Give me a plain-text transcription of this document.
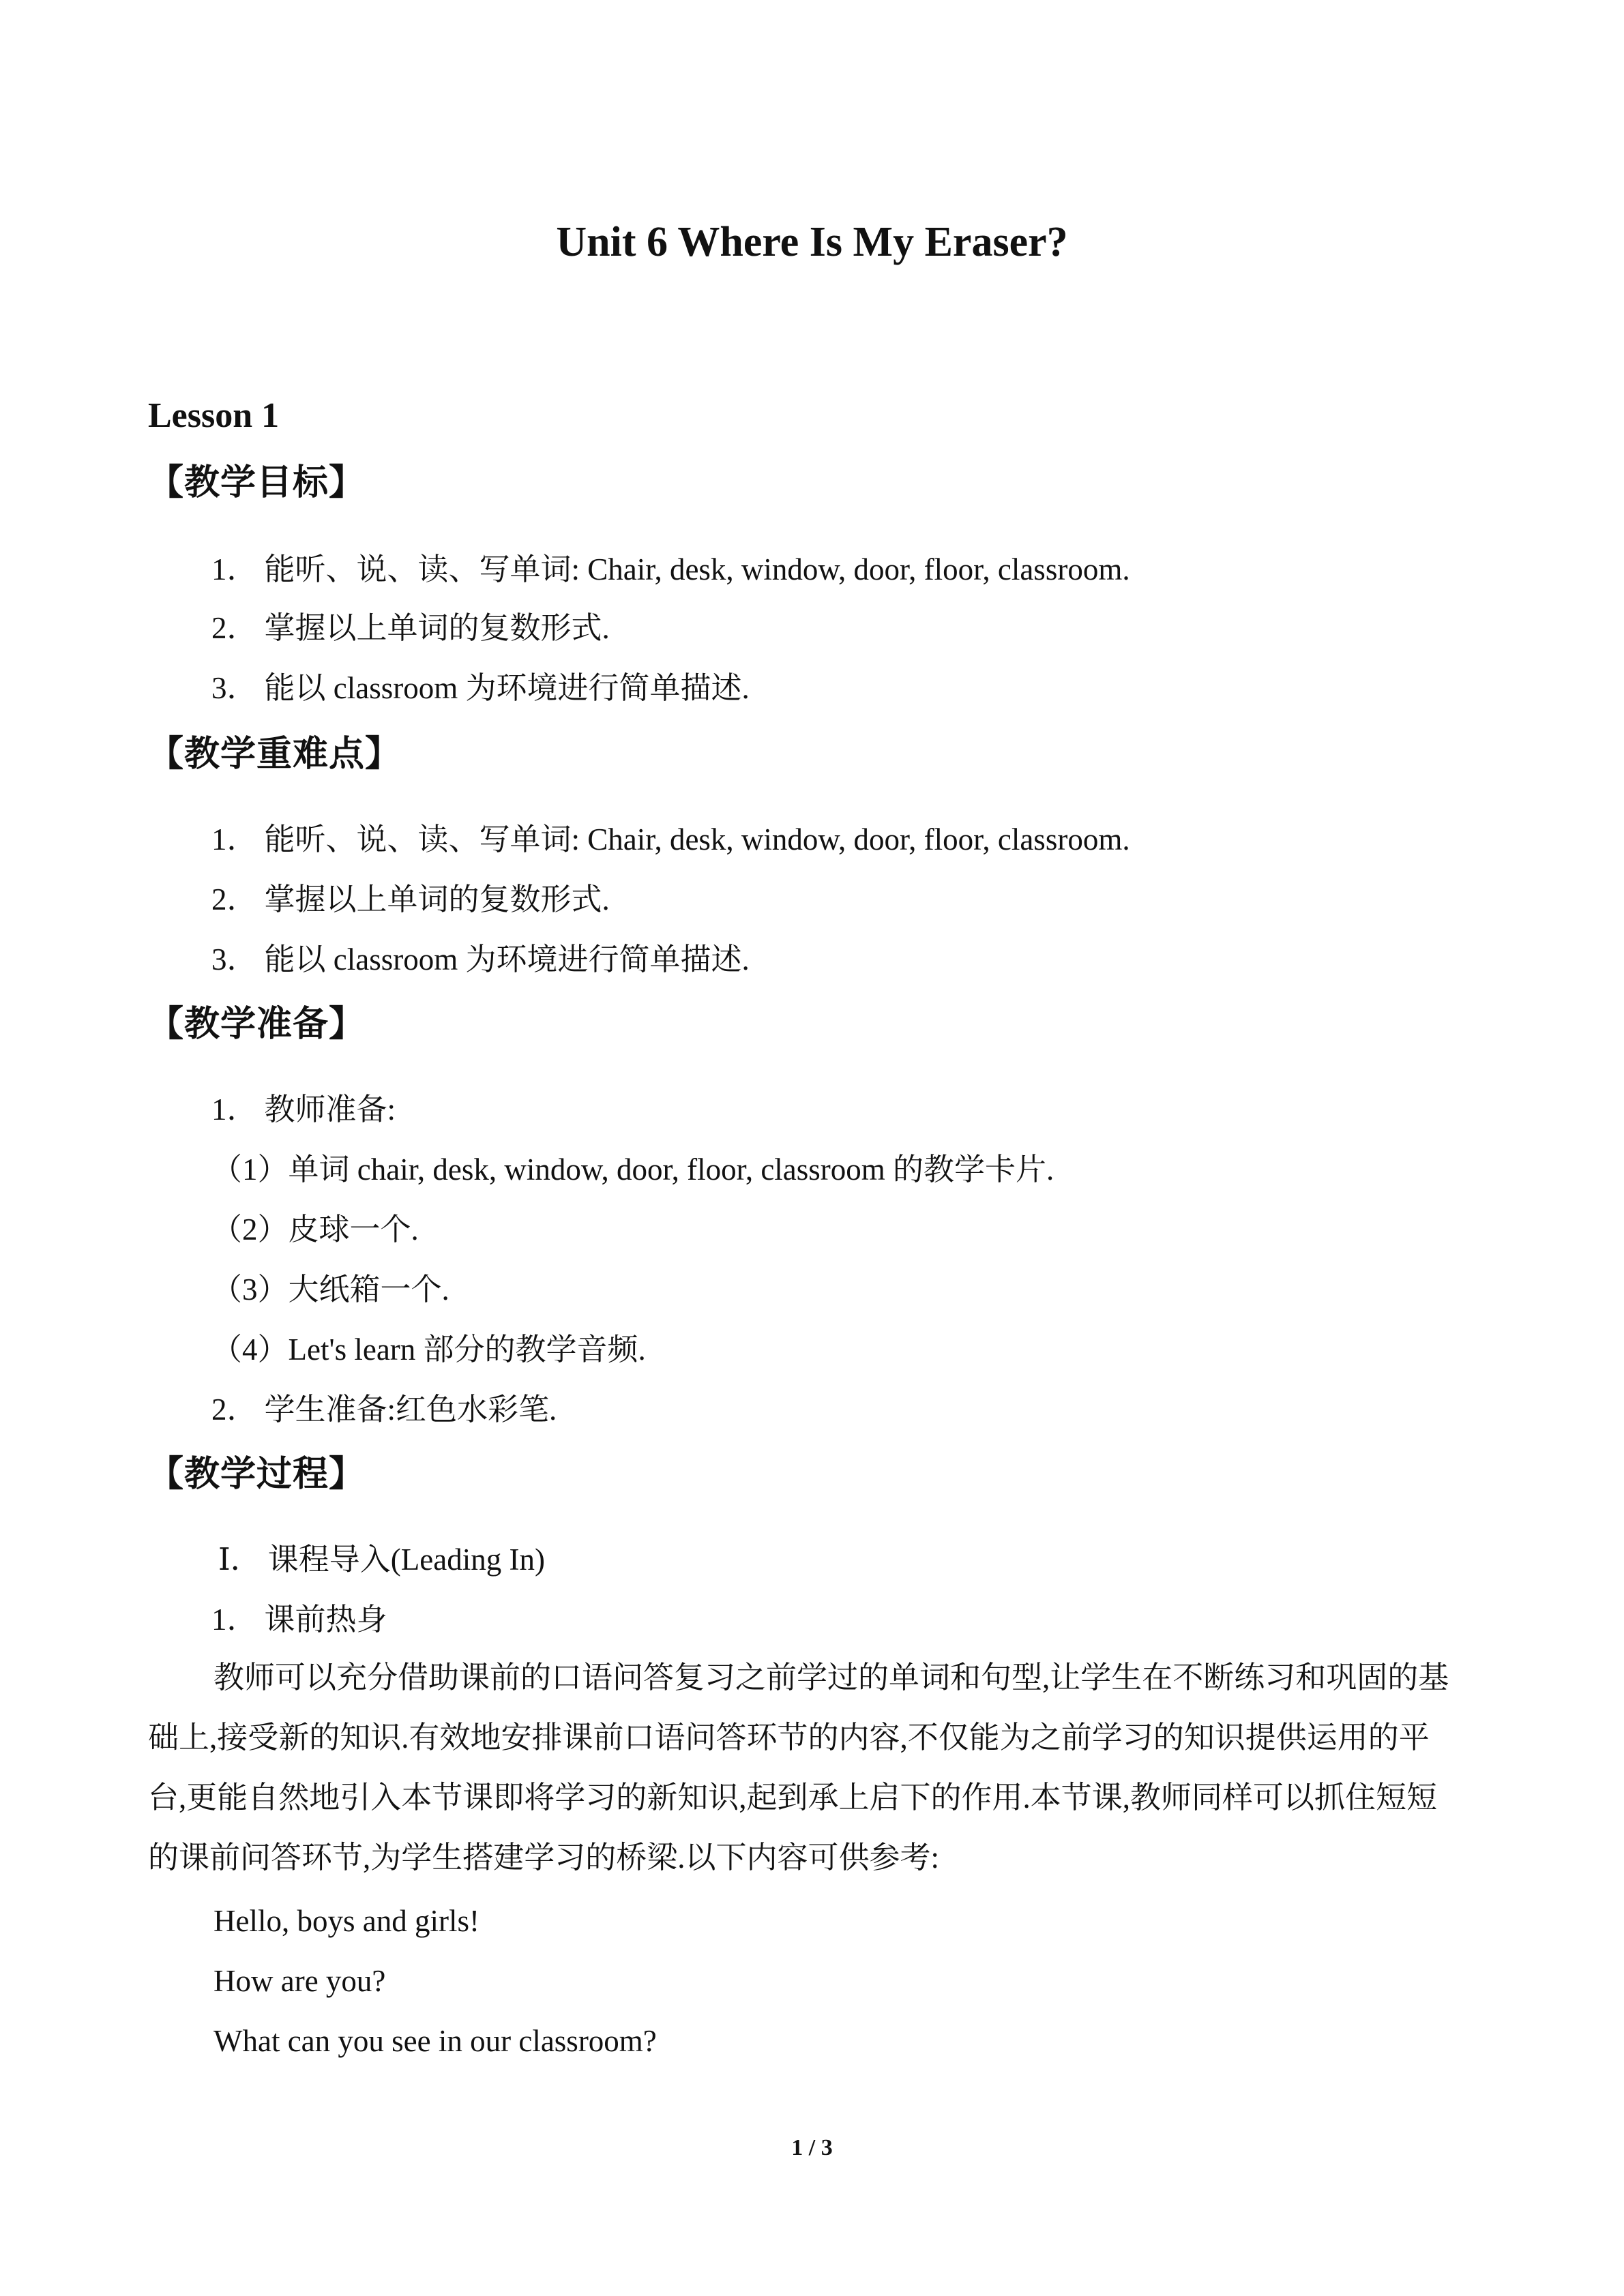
Unit 6 Where Is My Eraser?
Lesson 1
【教学目标】
1． 能听、说、读、写单词: Chair, desk, window, door, floor, classroom.
2． 掌握以上单词的复数形式.
3． 能以 classroom 为环境进行简单描述.
【教学重难点】
1． 能听、说、读、写单词: Chair, desk, window, door, floor, classroom.
2． 掌握以上单词的复数形式.
3． 能以 classroom 为环境进行简单描述.
【教学准备】
1． 教师准备:
（1）单词 chair, desk, window, door, floor, classroom 的教学卡片.
（2）皮球一个.
（3）大纸箱一个.
（4）Let's learn 部分的教学音频.
2． 学生准备:红色水彩笔.
【教学过程】
Ⅰ． 课程导入(Leading In)
1． 课前热身
教师可以充分借助课前的口语问答复习之前学过的单词和句型,让学生在不断练习和巩固的基础上,接受新的知识.有效地安排课前口语问答环节的内容,不仅能为之前学习的知识提供运用的平台,更能自然地引入本节课即将学习的新知识,起到承上启下的作用.本节课,教师同样可以抓住短短的课前问答环节,为学生搭建学习的桥梁.以下内容可供参考:
Hello, boys and girls!
How are you?
What can you see in our classroom?
1 / 3
